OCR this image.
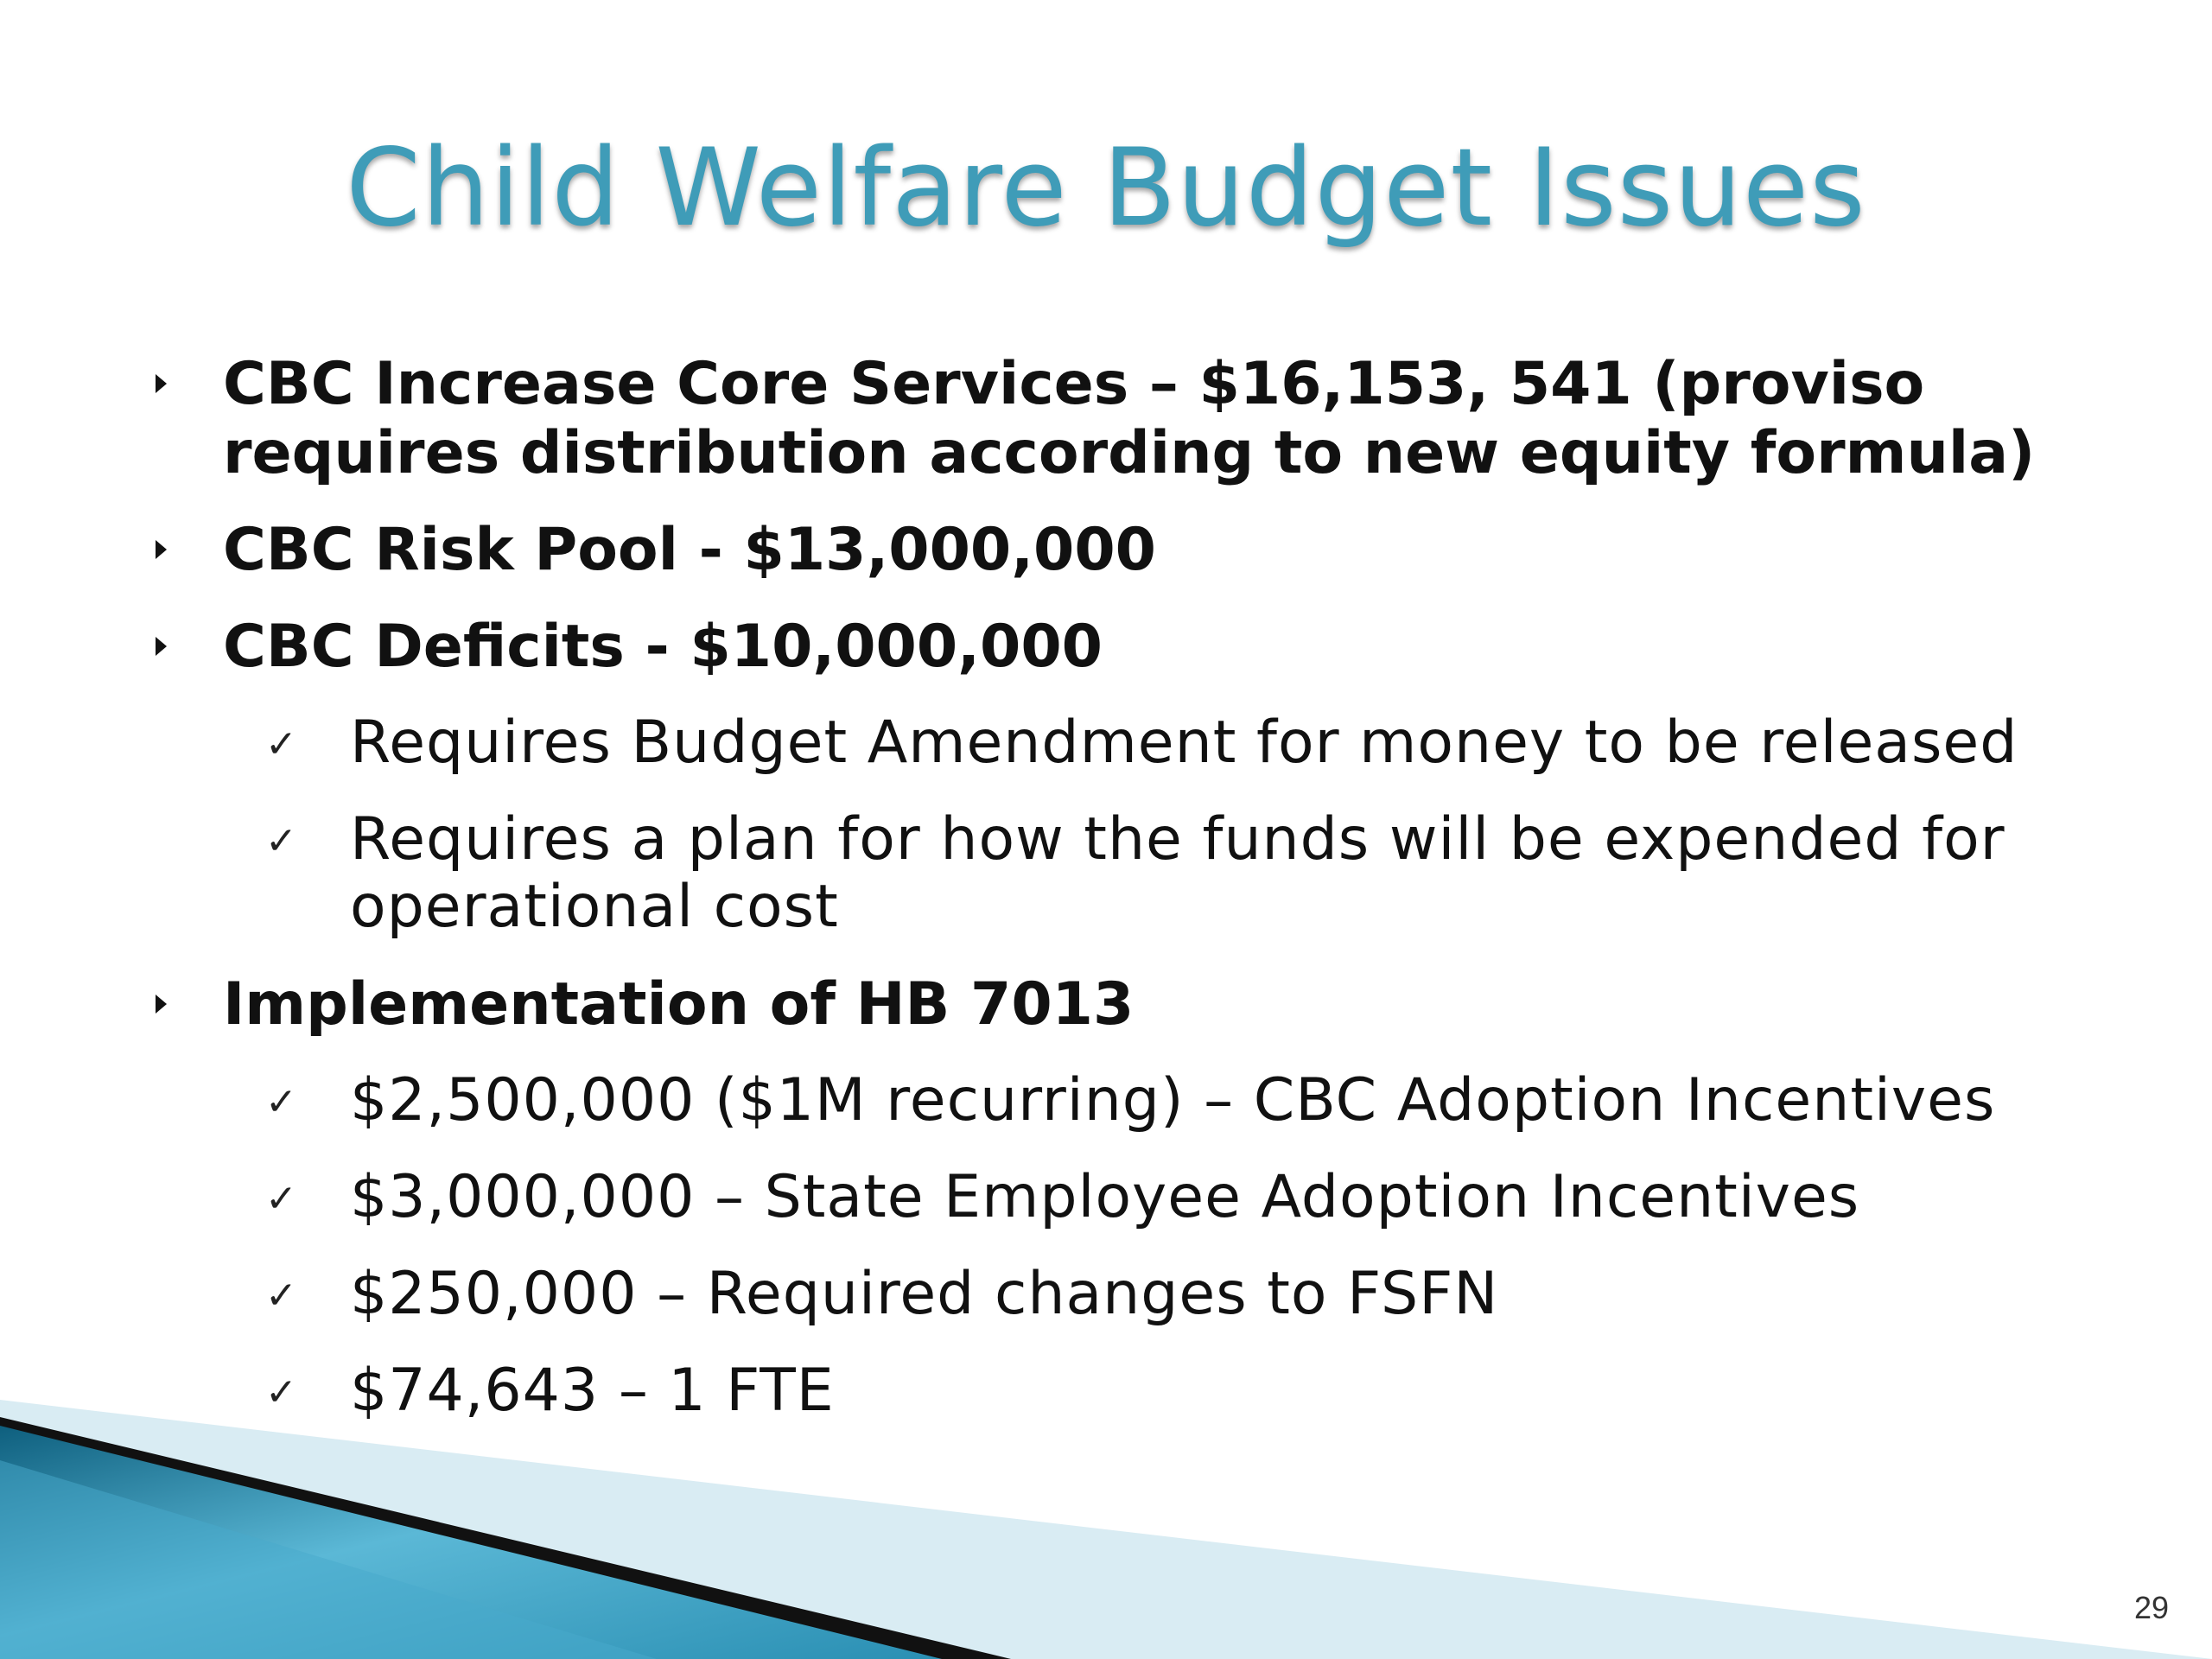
Child Welfare Budget Issues
CBC Increase Core Services – $16,153, 541 (proviso requires distribution according to new equity formula)
CBC Risk Pool - $13,000,000
CBC Deficits - $10,000,000
✓ Requires Budget Amendment for money to be released
✓ Requires a plan for how the funds will be expended for operational cost
Implementation of HB 7013
✓ $2,500,000 ($1M recurring) – CBC Adoption Incentives
✓ $3,000,000 – State Employee Adoption Incentives
✓ $250,000 – Required changes to FSFN
✓ $74,643 – 1 FTE
29
